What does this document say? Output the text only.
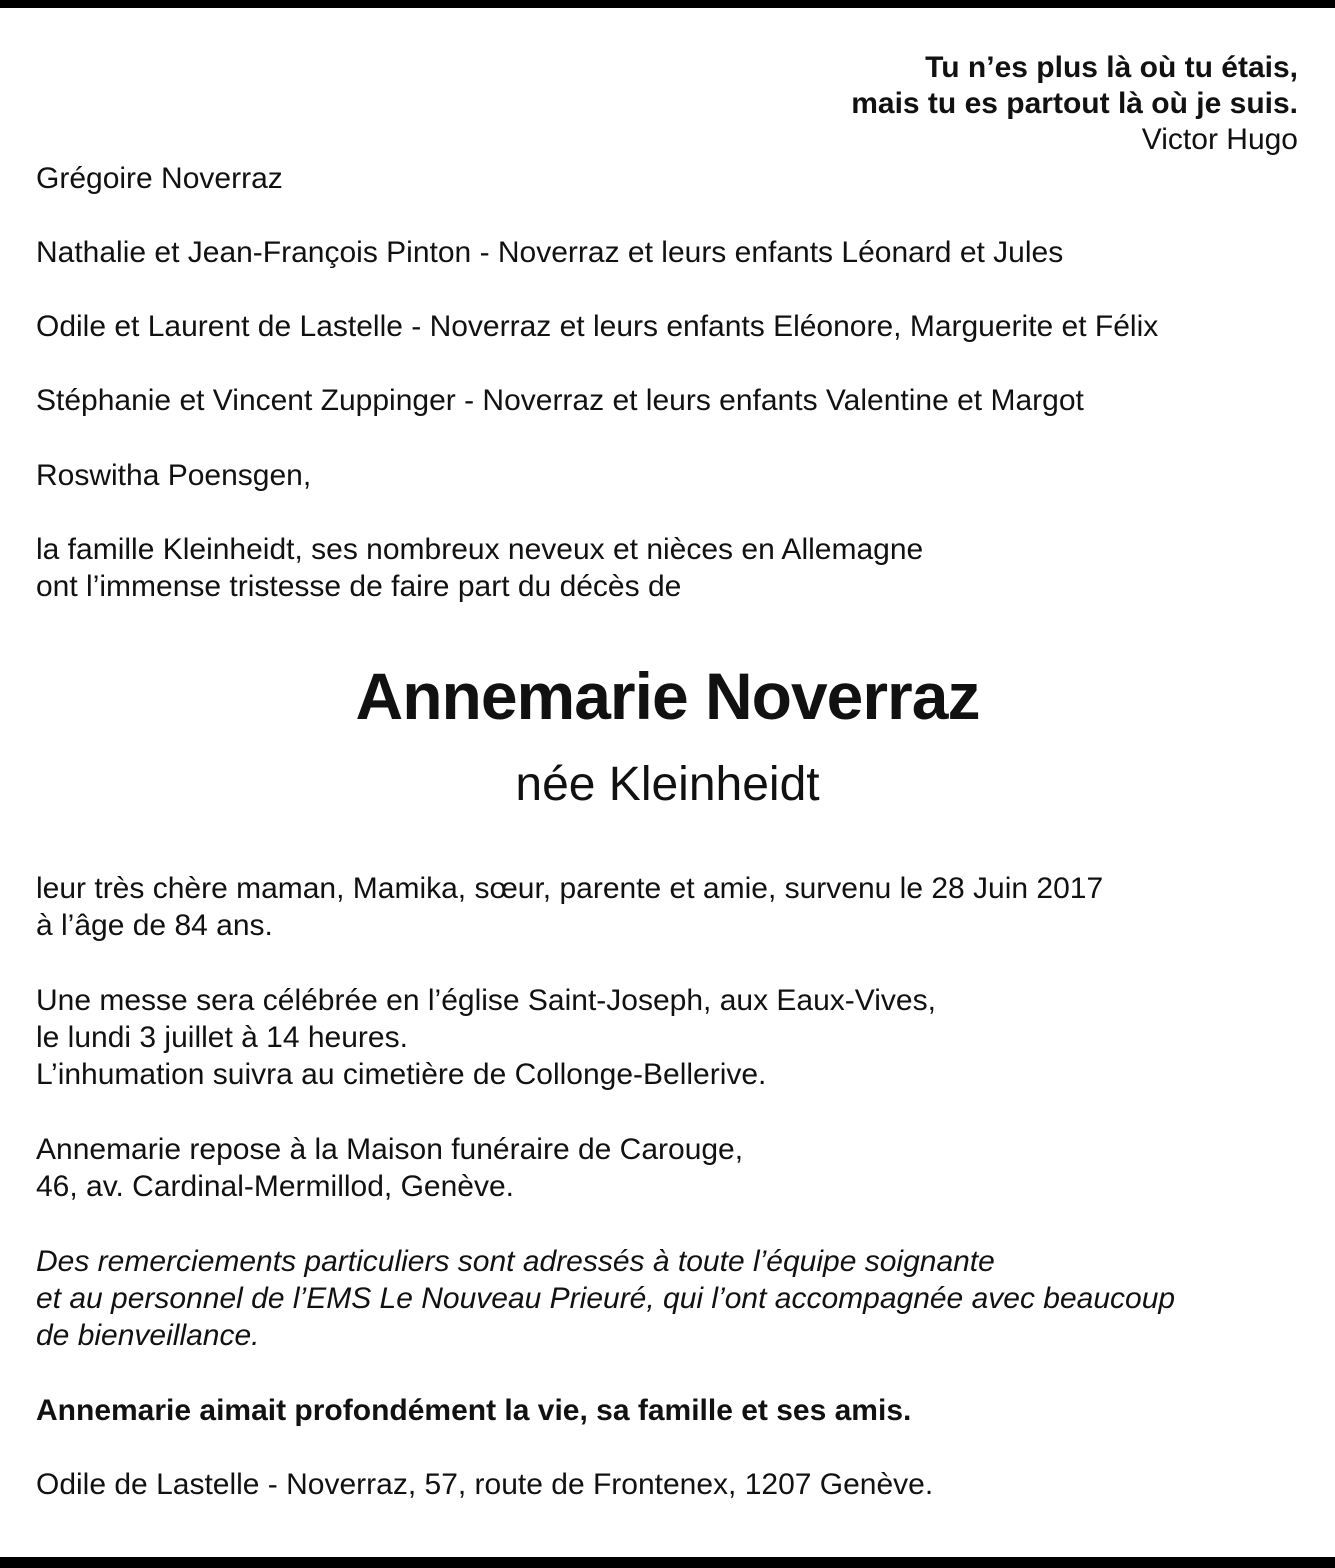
Tu n’es plus là où tu étais,
mais tu es partout là où je suis.
Victor Hugo
Grégoire Noverraz
Nathalie et Jean-François Pinton - Noverraz et leurs enfants Léonard et Jules
Odile et Laurent de Lastelle - Noverraz et leurs enfants Eléonore, Marguerite et Félix
Stéphanie et Vincent Zuppinger - Noverraz et leurs enfants Valentine et Margot
Roswitha Poensgen,
la famille Kleinheidt, ses nombreux neveux et nièces en Allemagne
ont l’immense tristesse de faire part du décès de
Annemarie Noverraz
née Kleinheidt
leur très chère maman, Mamika, sœur, parente et amie, survenu le 28 Juin 2017
à l’âge de 84 ans.
Une messe sera célébrée en l’église Saint-Joseph, aux Eaux-Vives,
le lundi 3 juillet à 14 heures.
L’inhumation suivra au cimetière de Collonge-Bellerive.
Annemarie repose à la Maison funéraire de Carouge,
46, av. Cardinal-Mermillod, Genève.
Des remerciements particuliers sont adressés à toute l’équipe soignante
et au personnel de l’EMS Le Nouveau Prieuré, qui l’ont accompagnée avec beaucoup
de bienveillance.
Annemarie aimait profondément la vie, sa famille et ses amis.
Odile de Lastelle - Noverraz, 57, route de Frontenex, 1207 Genève.
